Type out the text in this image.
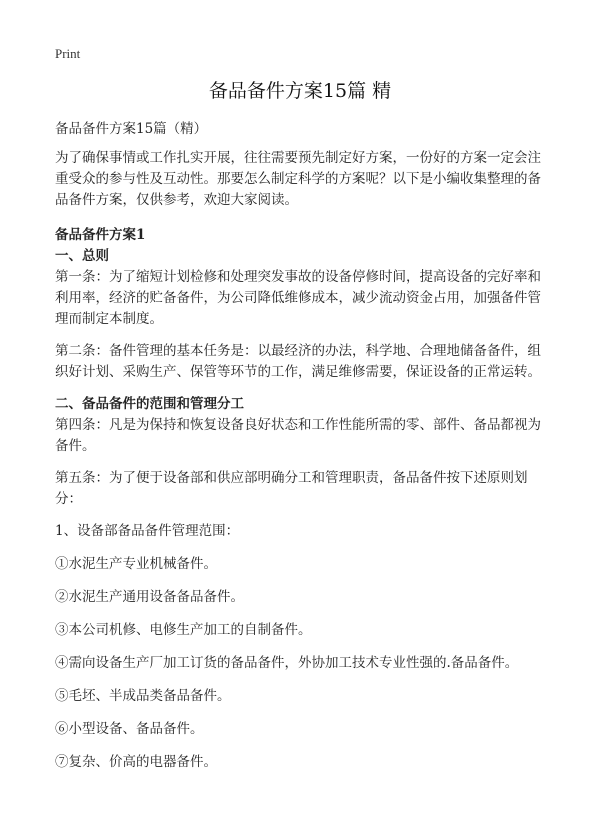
Print
备品备件方案15篇 精

备品备件方案15篇（精）

为了确保事情或工作扎实开展，往往需要预先制定好方案，一份好的方案一定会注重受众的参与性及互动性。那要怎么制定科学的方案呢？以下是小编收集整理的备品备件方案，仅供参考，欢迎大家阅读。

备品备件方案1

一、总则

第一条：为了缩短计划检修和处理突发事故的设备停修时间，提高设备的完好率和利用率，经济的贮备备件，为公司降低维修成本，减少流动资金占用，加强备件管理而制定本制度。

第二条：备件管理的基本任务是：以最经济的办法，科学地、合理地储备备件，组织好计划、采购生产、保管等环节的工作，满足维修需要，保证设备的正常运转。

二、备品备件的范围和管理分工

第四条：凡是为保持和恢复设备良好状态和工作性能所需的零、部件、备品都视为备件。

第五条：为了便于设备部和供应部明确分工和管理职责，备品备件按下述原则划分：

1、设备部备品备件管理范围：

①水泥生产专业机械备件。

②水泥生产通用设备备品备件。

③本公司机修、电修生产加工的自制备件。

④需向设备生产厂加工订货的备品备件，外协加工技术专业性强的.备品备件。

⑤毛坯、半成品类备品备件。

⑥小型设备、备品备件。

⑦复杂、价高的电器备件。
